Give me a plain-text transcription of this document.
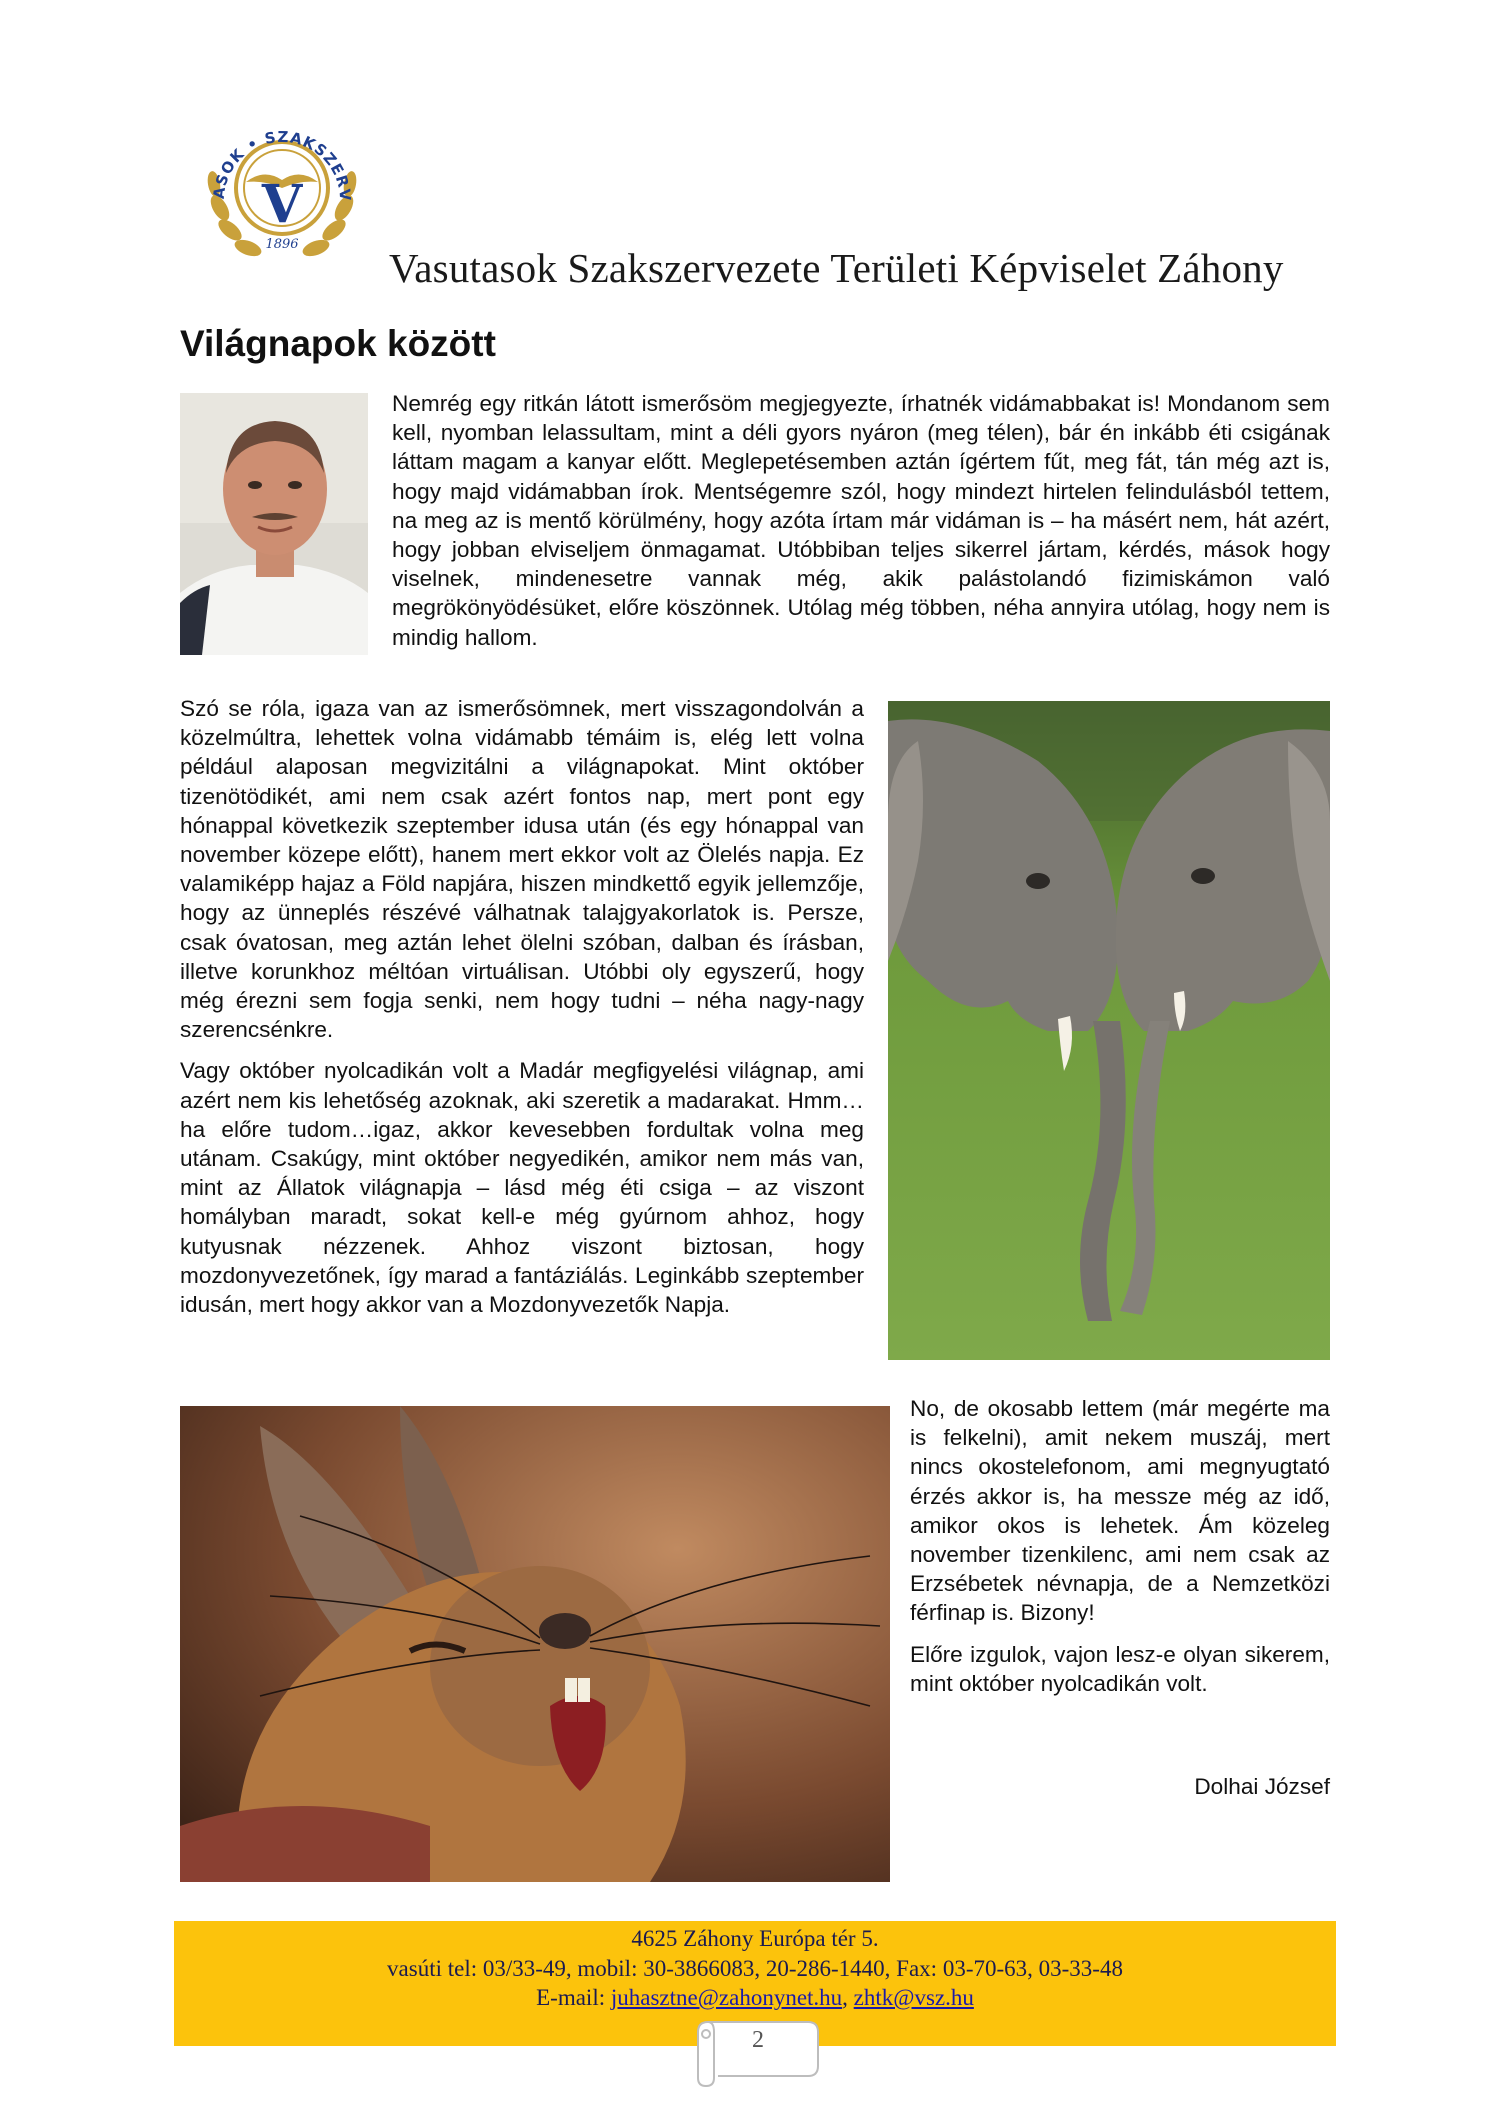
ASOK • SZAKSZERV
V
1896
Vasutasok Szakszervezete Területi Képviselet Záhony
Világnapok között

Nemrég egy ritkán látott ismerősöm megjegyezte, írhatnék vidámabbakat is! Mondanom sem kell, nyomban lelassultam, mint a déli gyors nyáron (meg télen), bár én inkább éti csigának láttam magam a kanyar előtt. Meglepetésemben aztán ígértem fűt, meg fát, tán még azt is, hogy majd vidámabban írok. Mentségemre szól, hogy mindezt hirtelen felindulásból tettem, na meg az is mentő körülmény, hogy azóta írtam már vidáman is – ha másért nem, hát azért, hogy jobban elviseljem önmagamat. Utóbbiban teljes sikerrel jártam, kérdés, mások hogy viselnek, mindenesetre vannak még, akik palástolandó fizimiskámon való megrökönyödésüket, előre köszönnek. Utólag még többen, néha annyira utólag, hogy nem is mindig hallom.

Szó se róla, igaza van az ismerősömnek, mert visszagondolván a közelmúltra, lehettek volna vidámabb témáim is, elég lett volna például alaposan megvizitálni a világnapokat. Mint október tizenötödikét, ami nem csak azért fontos nap, mert pont egy hónappal következik szeptember idusa után (és egy hónappal van november közepe előtt), hanem mert ekkor volt az Ölelés napja. Ez valamiképp hajaz a Föld napjára, hiszen mindkettő egyik jellemzője, hogy az ünneplés részévé válhatnak talajgyakorlatok is. Persze, csak óvatosan, meg aztán lehet ölelni szóban, dalban és írásban, illetve korunkhoz méltóan virtuálisan. Utóbbi oly egyszerű, hogy még érezni sem fogja senki, nem hogy tudni – néha nagy-nagy szerencsénkre.

Vagy október nyolcadikán volt a Madár megfigyelési világnap, ami azért nem kis lehetőség azoknak, aki szeretik a madarakat. Hmm…ha előre tudom…igaz, akkor kevesebben fordultak volna meg utánam. Csakúgy, mint október negyedikén, amikor nem más van, mint az Állatok világnapja – lásd még éti csiga – az viszont homályban maradt, sokat kell-e még gyúrnom ahhoz, hogy kutyusnak nézzenek. Ahhoz viszont biztosan, hogy mozdonyvezetőnek, így marad a fantáziálás. Leginkább szeptember idusán, mert hogy akkor van a Mozdonyvezetők Napja.

No, de okosabb lettem (már megérte ma is felkelni), amit nekem muszáj, mert nincs okostelefonom, ami megnyugtató érzés akkor is, ha messze még az idő, amikor okos is lehetek. Ám közeleg november tizenkilenc, ami nem csak az Erzsébetek névnapja, de a Nemzetközi férfinap is. Bizony!

Előre izgulok, vajon lesz-e olyan sikerem, mint október nyolcadikán volt.

Dolhai József
4625 Záhony Európa tér 5.
vasúti tel: 03/33-49, mobil: 30-3866083, 20-286-1440, Fax: 03-70-63, 03-33-48
E-mail: juhasztne@zahonynet.hu, zhtk@vsz.hu
2
